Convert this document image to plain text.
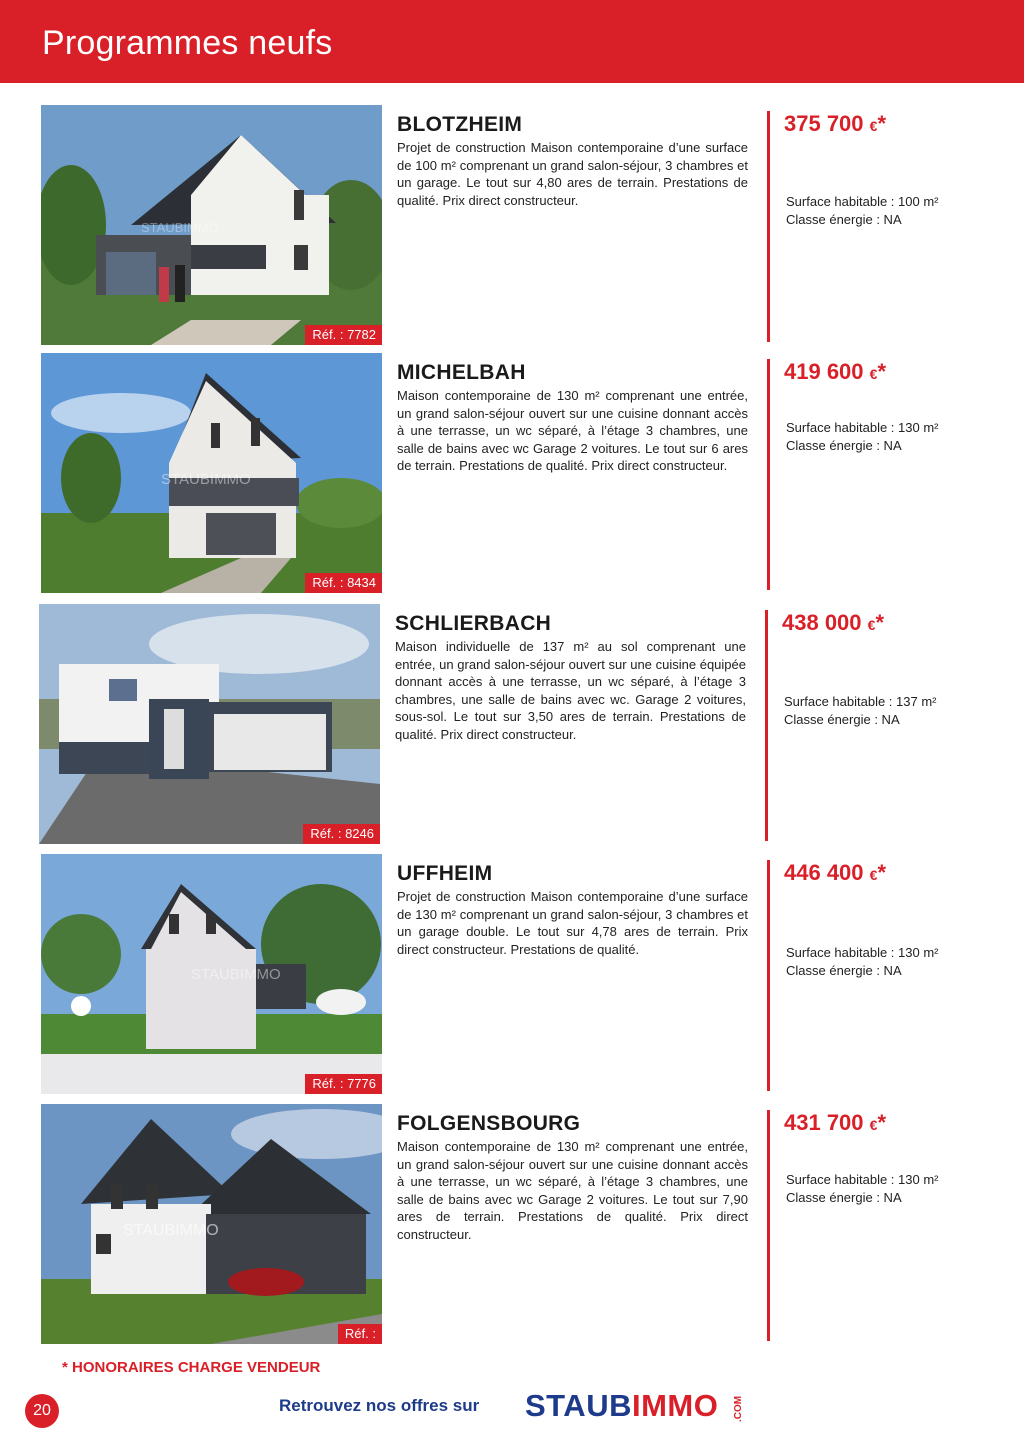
Programmes neufs
STAUBIMMO
Réf. : 7782
BLOTZHEIM

Projet de construction Maison contemporaine d’une surface de 100 m² comprenant un grand salon-séjour, 3 chambres et un garage. Le tout sur 4,80 ares de terrain. Prestations de qualité. Prix direct constructeur.

375 700 €*
Surface habitable : 100 m²
Classe énergie : NA
STAUBIMMO
Réf. : 8434
MICHELBAH

Maison contemporaine de 130 m² comprenant une entrée, un grand salon-séjour ouvert sur une cuisine donnant accès à une terrasse, un wc séparé, à l’étage 3 chambres, une salle de bains avec wc Garage 2 voitures. Le tout sur 6 ares de terrain. Prestations de qualité. Prix direct constructeur.

419 600 €*
Surface habitable : 130 m²
Classe énergie : NA
Réf. : 8246
SCHLIERBACH

Maison individuelle de 137 m² au sol comprenant une entrée, un grand salon-séjour ouvert sur une cuisine équipée donnant accès à une terrasse, un wc séparé, à l’étage 3 chambres, une salle de bains avec wc. Garage 2 voitures, sous-sol. Le tout sur 3,50 ares de terrain. Prestations de qualité. Prix direct constructeur.

438 000 €*
Surface habitable : 137 m²
Classe énergie : NA
STAUBIMMO
Réf. : 7776
UFFHEIM

Projet de construction Maison contemporaine d’une surface de 130 m² comprenant un grand salon-séjour, 3 chambres et un garage double. Le tout sur 4,78 ares de terrain. Prix direct constructeur. Prestations de qualité.

446 400 €*
Surface habitable : 130 m²
Classe énergie : NA
STAUBIMMO
Réf. :
FOLGENSBOURG

Maison contemporaine de 130 m² comprenant une entrée, un grand salon-séjour ouvert sur une cuisine donnant accès à une terrasse, un wc séparé, à l’étage 3 chambres, une salle de bains avec wc Garage 2 voitures. Le tout sur 7,90 ares de terrain. Prestations de qualité. Prix direct constructeur.

431 700 €*
Surface habitable : 130 m²
Classe énergie : NA
* HONORAIRES CHARGE VENDEUR
20	Retrouvez nos offres sur STAUBIMMO .COM
